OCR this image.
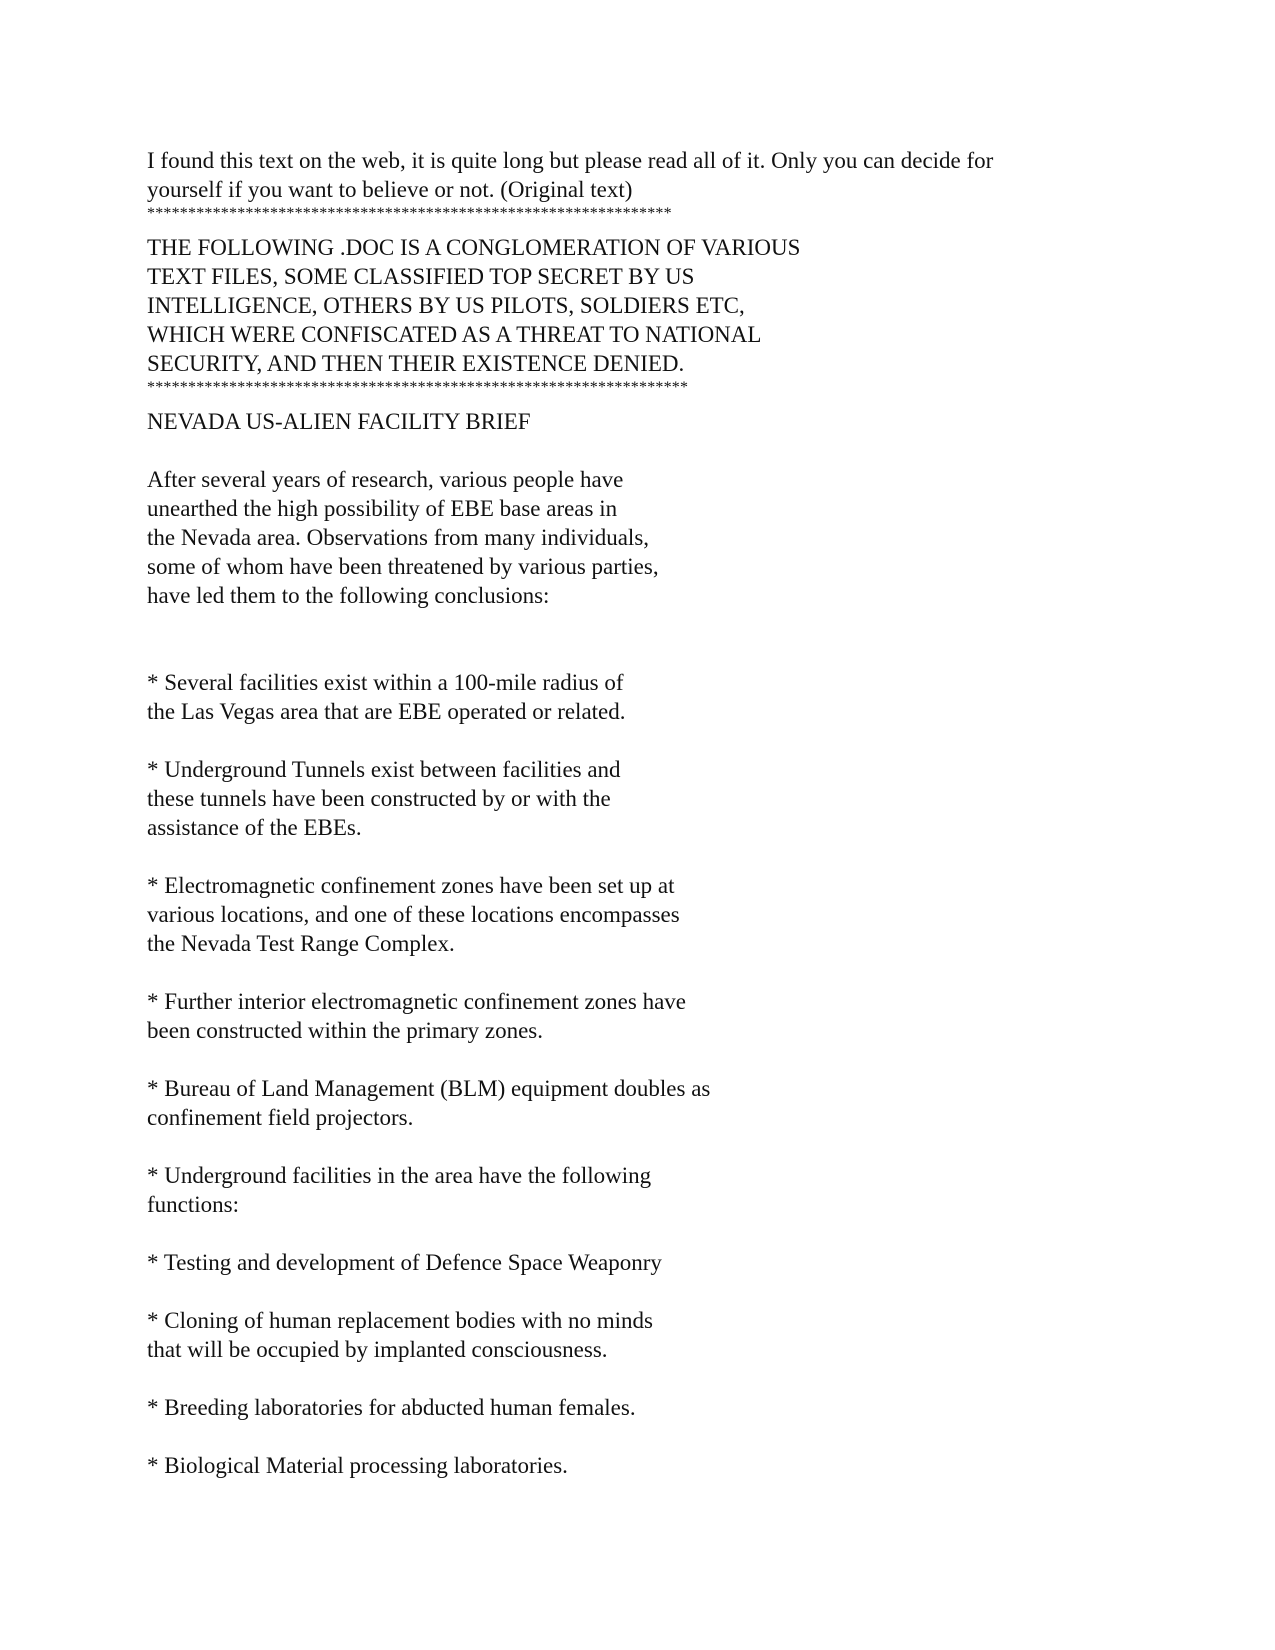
I found this text on the web, it is quite long but please read all of it. Only you can decide for
yourself if you want to believe or not. (Original text)
****************************************************************
THE FOLLOWING .DOC IS A CONGLOMERATION OF VARIOUS
TEXT FILES, SOME CLASSIFIED TOP SECRET BY US
INTELLIGENCE, OTHERS BY US PILOTS, SOLDIERS ETC,
WHICH WERE CONFISCATED AS A THREAT TO NATIONAL
SECURITY, AND THEN THEIR EXISTENCE DENIED.
******************************************************************
NEVADA US-ALIEN FACILITY BRIEF
After several years of research, various people have
unearthed the high possibility of EBE base areas in
the Nevada area. Observations from many individuals,
some of whom have been threatened by various parties,
have led them to the following conclusions:
* Several facilities exist within a 100-mile radius of
the Las Vegas area that are EBE operated or related.
* Underground Tunnels exist between facilities and
these tunnels have been constructed by or with the
assistance of the EBEs.
* Electromagnetic confinement zones have been set up at
various locations, and one of these locations encompasses
the Nevada Test Range Complex.
* Further interior electromagnetic confinement zones have
been constructed within the primary zones.
* Bureau of Land Management (BLM) equipment doubles as
confinement field projectors.
* Underground facilities in the area have the following
functions:
* Testing and development of Defence Space Weaponry
* Cloning of human replacement bodies with no minds
that will be occupied by implanted consciousness.
* Breeding laboratories for abducted human females.
* Biological Material processing laboratories.
